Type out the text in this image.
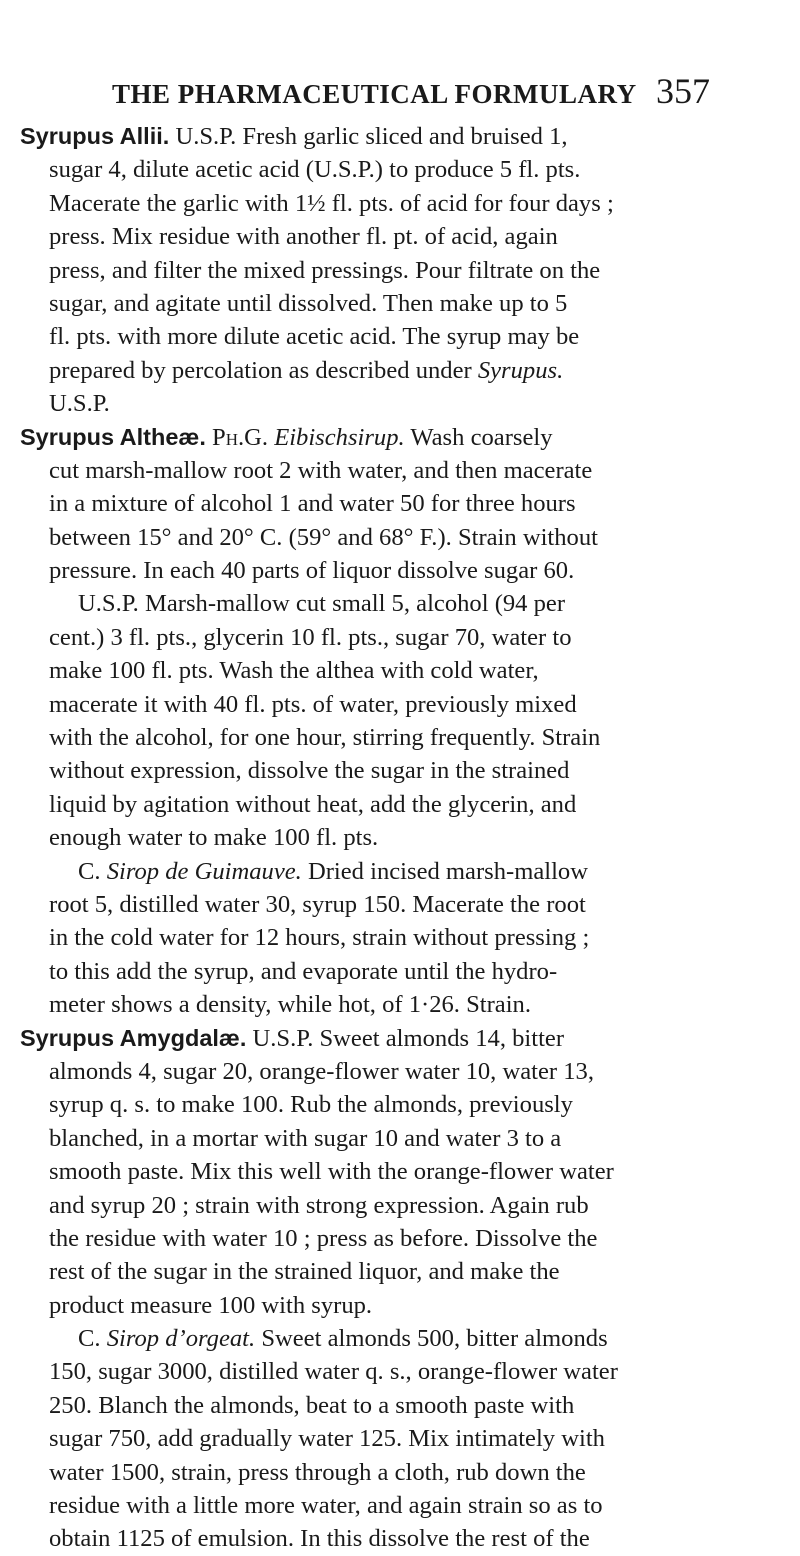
THE PHARMACEUTICAL FORMULARY 357
Syrupus Allii. U.S.P. Fresh garlic sliced and bruised 1,
sugar 4, dilute acetic acid (U.S.P.) to produce 5 fl. pts.
Macerate the garlic with 1½ fl. pts. of acid for four days ;
press. Mix residue with another fl. pt. of acid, again
press, and filter the mixed pressings. Pour filtrate on the
sugar, and agitate until dissolved. Then make up to 5
fl. pts. with more dilute acetic acid. The syrup may be
prepared by percolation as described under Syrupus.
U.S.P.
Syrupus Altheæ. Ph.G. Eibischsirup. Wash coarsely
cut marsh-mallow root 2 with water, and then macerate
in a mixture of alcohol 1 and water 50 for three hours
between 15° and 20° C. (59° and 68° F.). Strain without
pressure. In each 40 parts of liquor dissolve sugar 60.
U.S.P. Marsh-mallow cut small 5, alcohol (94 per
cent.) 3 fl. pts., glycerin 10 fl. pts., sugar 70, water to
make 100 fl. pts. Wash the althea with cold water,
macerate it with 40 fl. pts. of water, previously mixed
with the alcohol, for one hour, stirring frequently. Strain
without expression, dissolve the sugar in the strained
liquid by agitation without heat, add the glycerin, and
enough water to make 100 fl. pts.
C. Sirop de Guimauve. Dried incised marsh-mallow
root 5, distilled water 30, syrup 150. Macerate the root
in the cold water for 12 hours, strain without pressing ;
to this add the syrup, and evaporate until the hydro-
meter shows a density, while hot, of 1·26. Strain.
Syrupus Amygdalæ. U.S.P. Sweet almonds 14, bitter
almonds 4, sugar 20, orange-flower water 10, water 13,
syrup q. s. to make 100. Rub the almonds, previously
blanched, in a mortar with sugar 10 and water 3 to a
smooth paste. Mix this well with the orange-flower water
and syrup 20 ; strain with strong expression. Again rub
the residue with water 10 ; press as before. Dissolve the
rest of the sugar in the strained liquor, and make the
product measure 100 with syrup.
C. Sirop d’orgeat. Sweet almonds 500, bitter almonds
150, sugar 3000, distilled water q. s., orange-flower water
250. Blanch the almonds, beat to a smooth paste with
sugar 750, add gradually water 125. Mix intimately with
water 1500, strain, press through a cloth, rub down the
residue with a little more water, and again strain so as to
obtain 1125 of emulsion. In this dissolve the rest of the
